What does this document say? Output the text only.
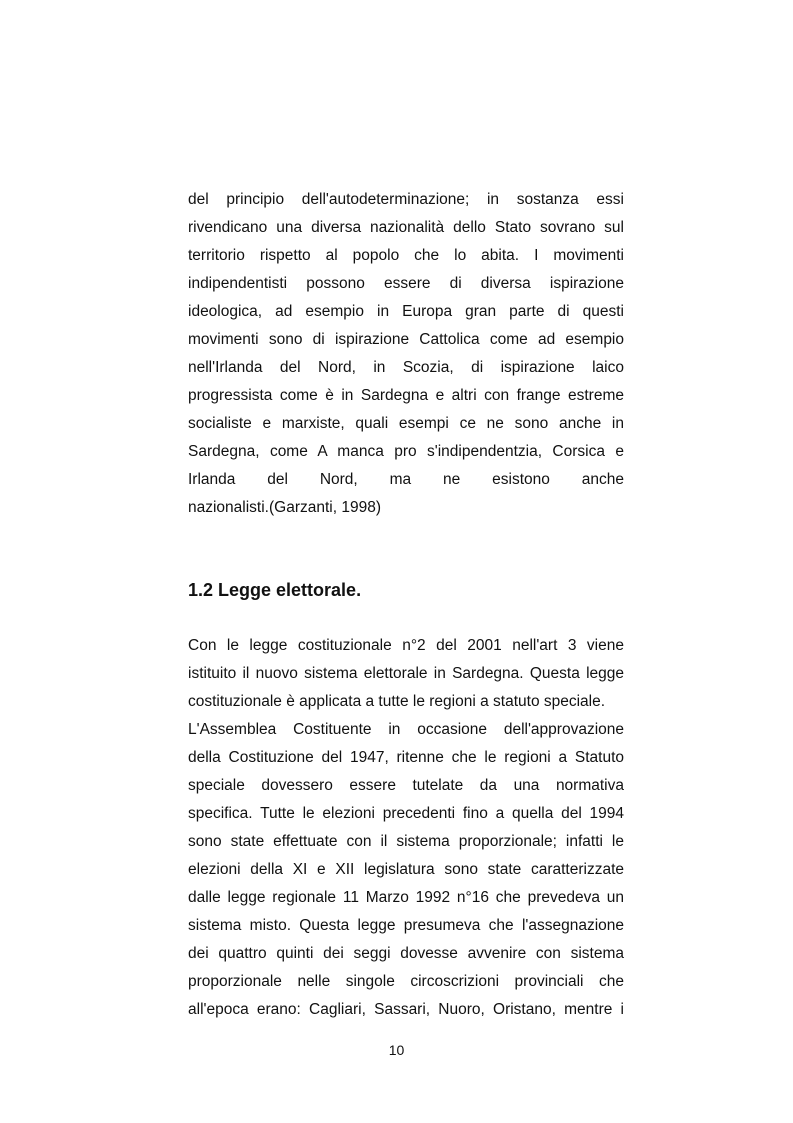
del principio dell'autodeterminazione; in sostanza essi
rivendicano una diversa nazionalità dello Stato sovrano sul
territorio rispetto al popolo che lo abita. I movimenti
indipendentisti possono essere di diversa ispirazione
ideologica, ad esempio in Europa gran parte di questi
movimenti sono di ispirazione Cattolica come ad esempio
nell'Irlanda del Nord, in Scozia, di ispirazione laico
progressista come è in Sardegna e altri con frange estreme
socialiste e marxiste, quali esempi ce ne sono anche in
Sardegna, come A manca pro s'indipendentzia, Corsica e
Irlanda del Nord, ma ne esistono anche
nazionalisti.(Garzanti, 1998)
1.2 Legge elettorale.
Con le legge costituzionale n°2 del 2001 nell'art 3 viene
istituito il nuovo sistema elettorale in Sardegna. Questa legge
costituzionale è applicata a tutte le regioni a statuto speciale.
L'Assemblea Costituente in occasione dell'approvazione
della Costituzione del 1947, ritenne che le regioni a Statuto
speciale dovessero essere tutelate da una normativa
specifica. Tutte le elezioni precedenti fino a quella del 1994
sono state effettuate con il sistema proporzionale; infatti le
elezioni della XI e XII legislatura sono state caratterizzate
dalle legge regionale 11 Marzo 1992 n°16 che prevedeva un
sistema misto. Questa legge presumeva che l'assegnazione
dei quattro quinti dei seggi dovesse avvenire con sistema
proporzionale nelle singole circoscrizioni provinciali che
all'epoca erano: Cagliari, Sassari, Nuoro, Oristano, mentre i
10
